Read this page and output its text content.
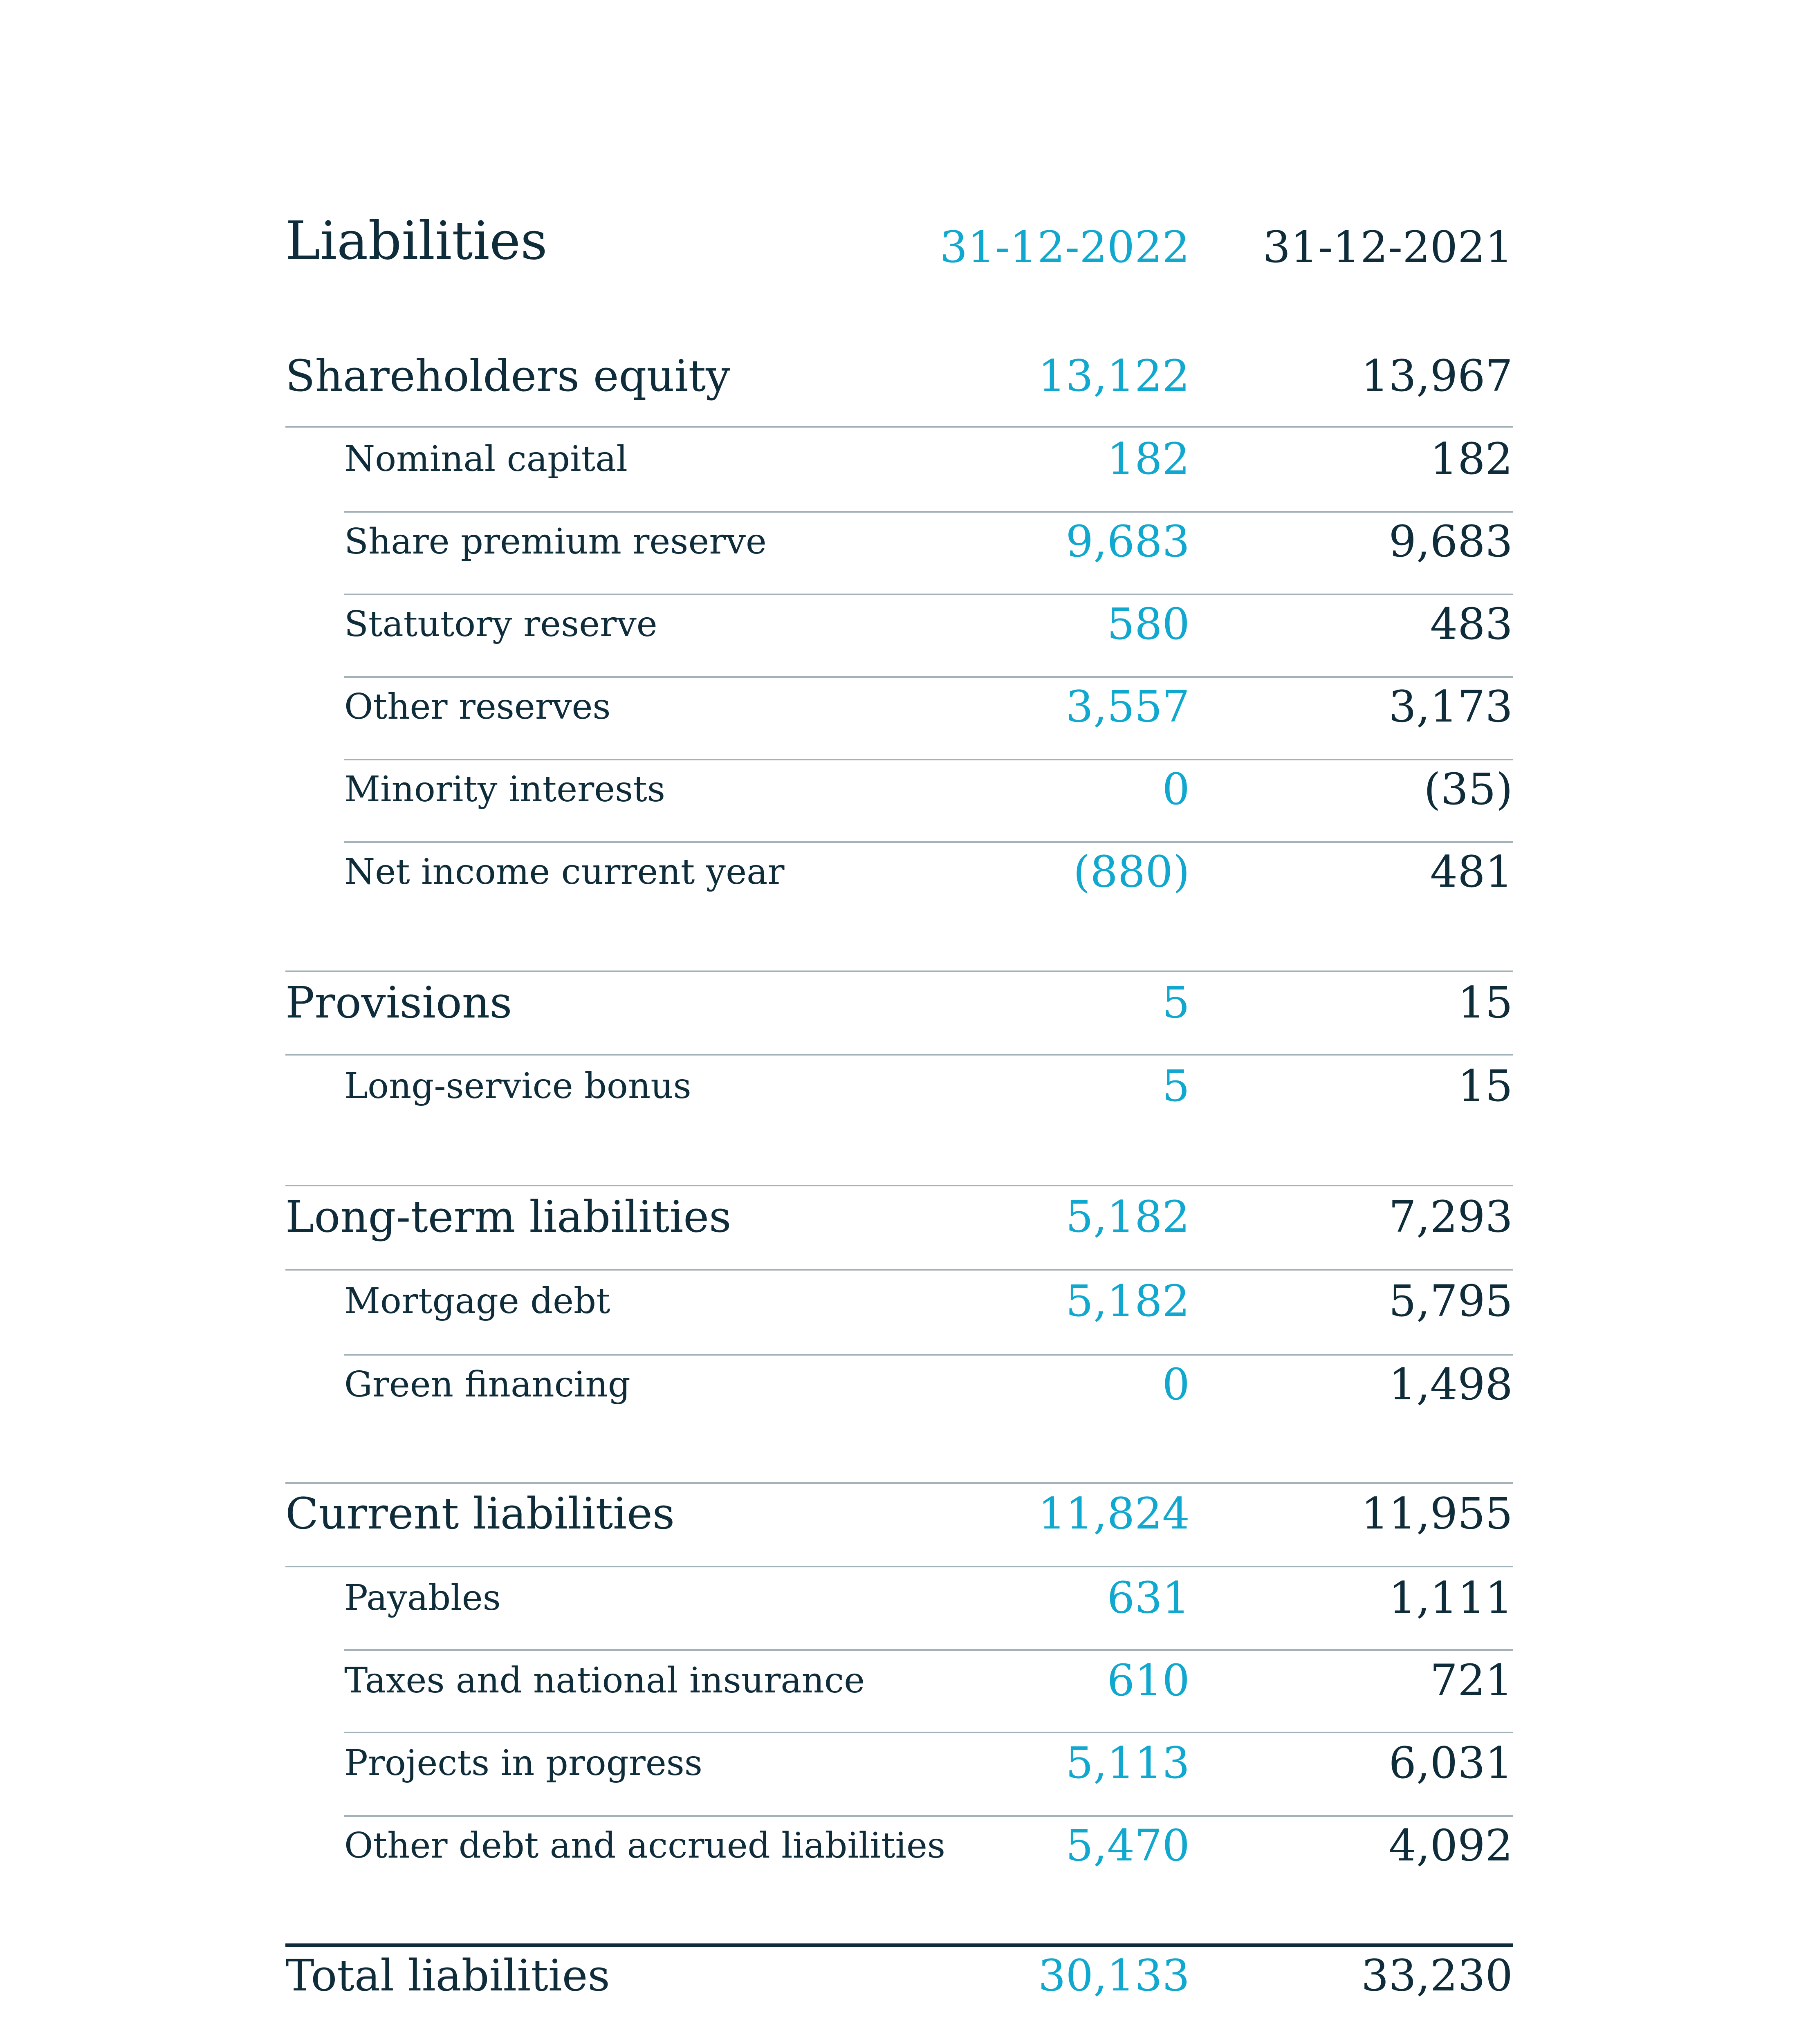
Liabilities	31-12-2022 31-12-2021
Shareholders equity	13,122	13,967
Nominal capital	182	182
Share premium reserve	9,683	9,683
Statutory reserve	580	483
Other reserves	3,557	3,173
Minority interests	0	(35)
Net income current year	(880)	481
Provisions	5	15
Long-service bonus	5	15
Long-term liabilities	5,182	7,293
Mortgage debt	5,182	5,795
Green financing	0	1,498
Current liabilities	11,824	11,955
Payables	631	1,111
Taxes and national insurance	610	721
Projects in progress	5,113	6,031
Other debt and accrued liabilities	5,470	4,092
Total liabilities	30,133	33,230
